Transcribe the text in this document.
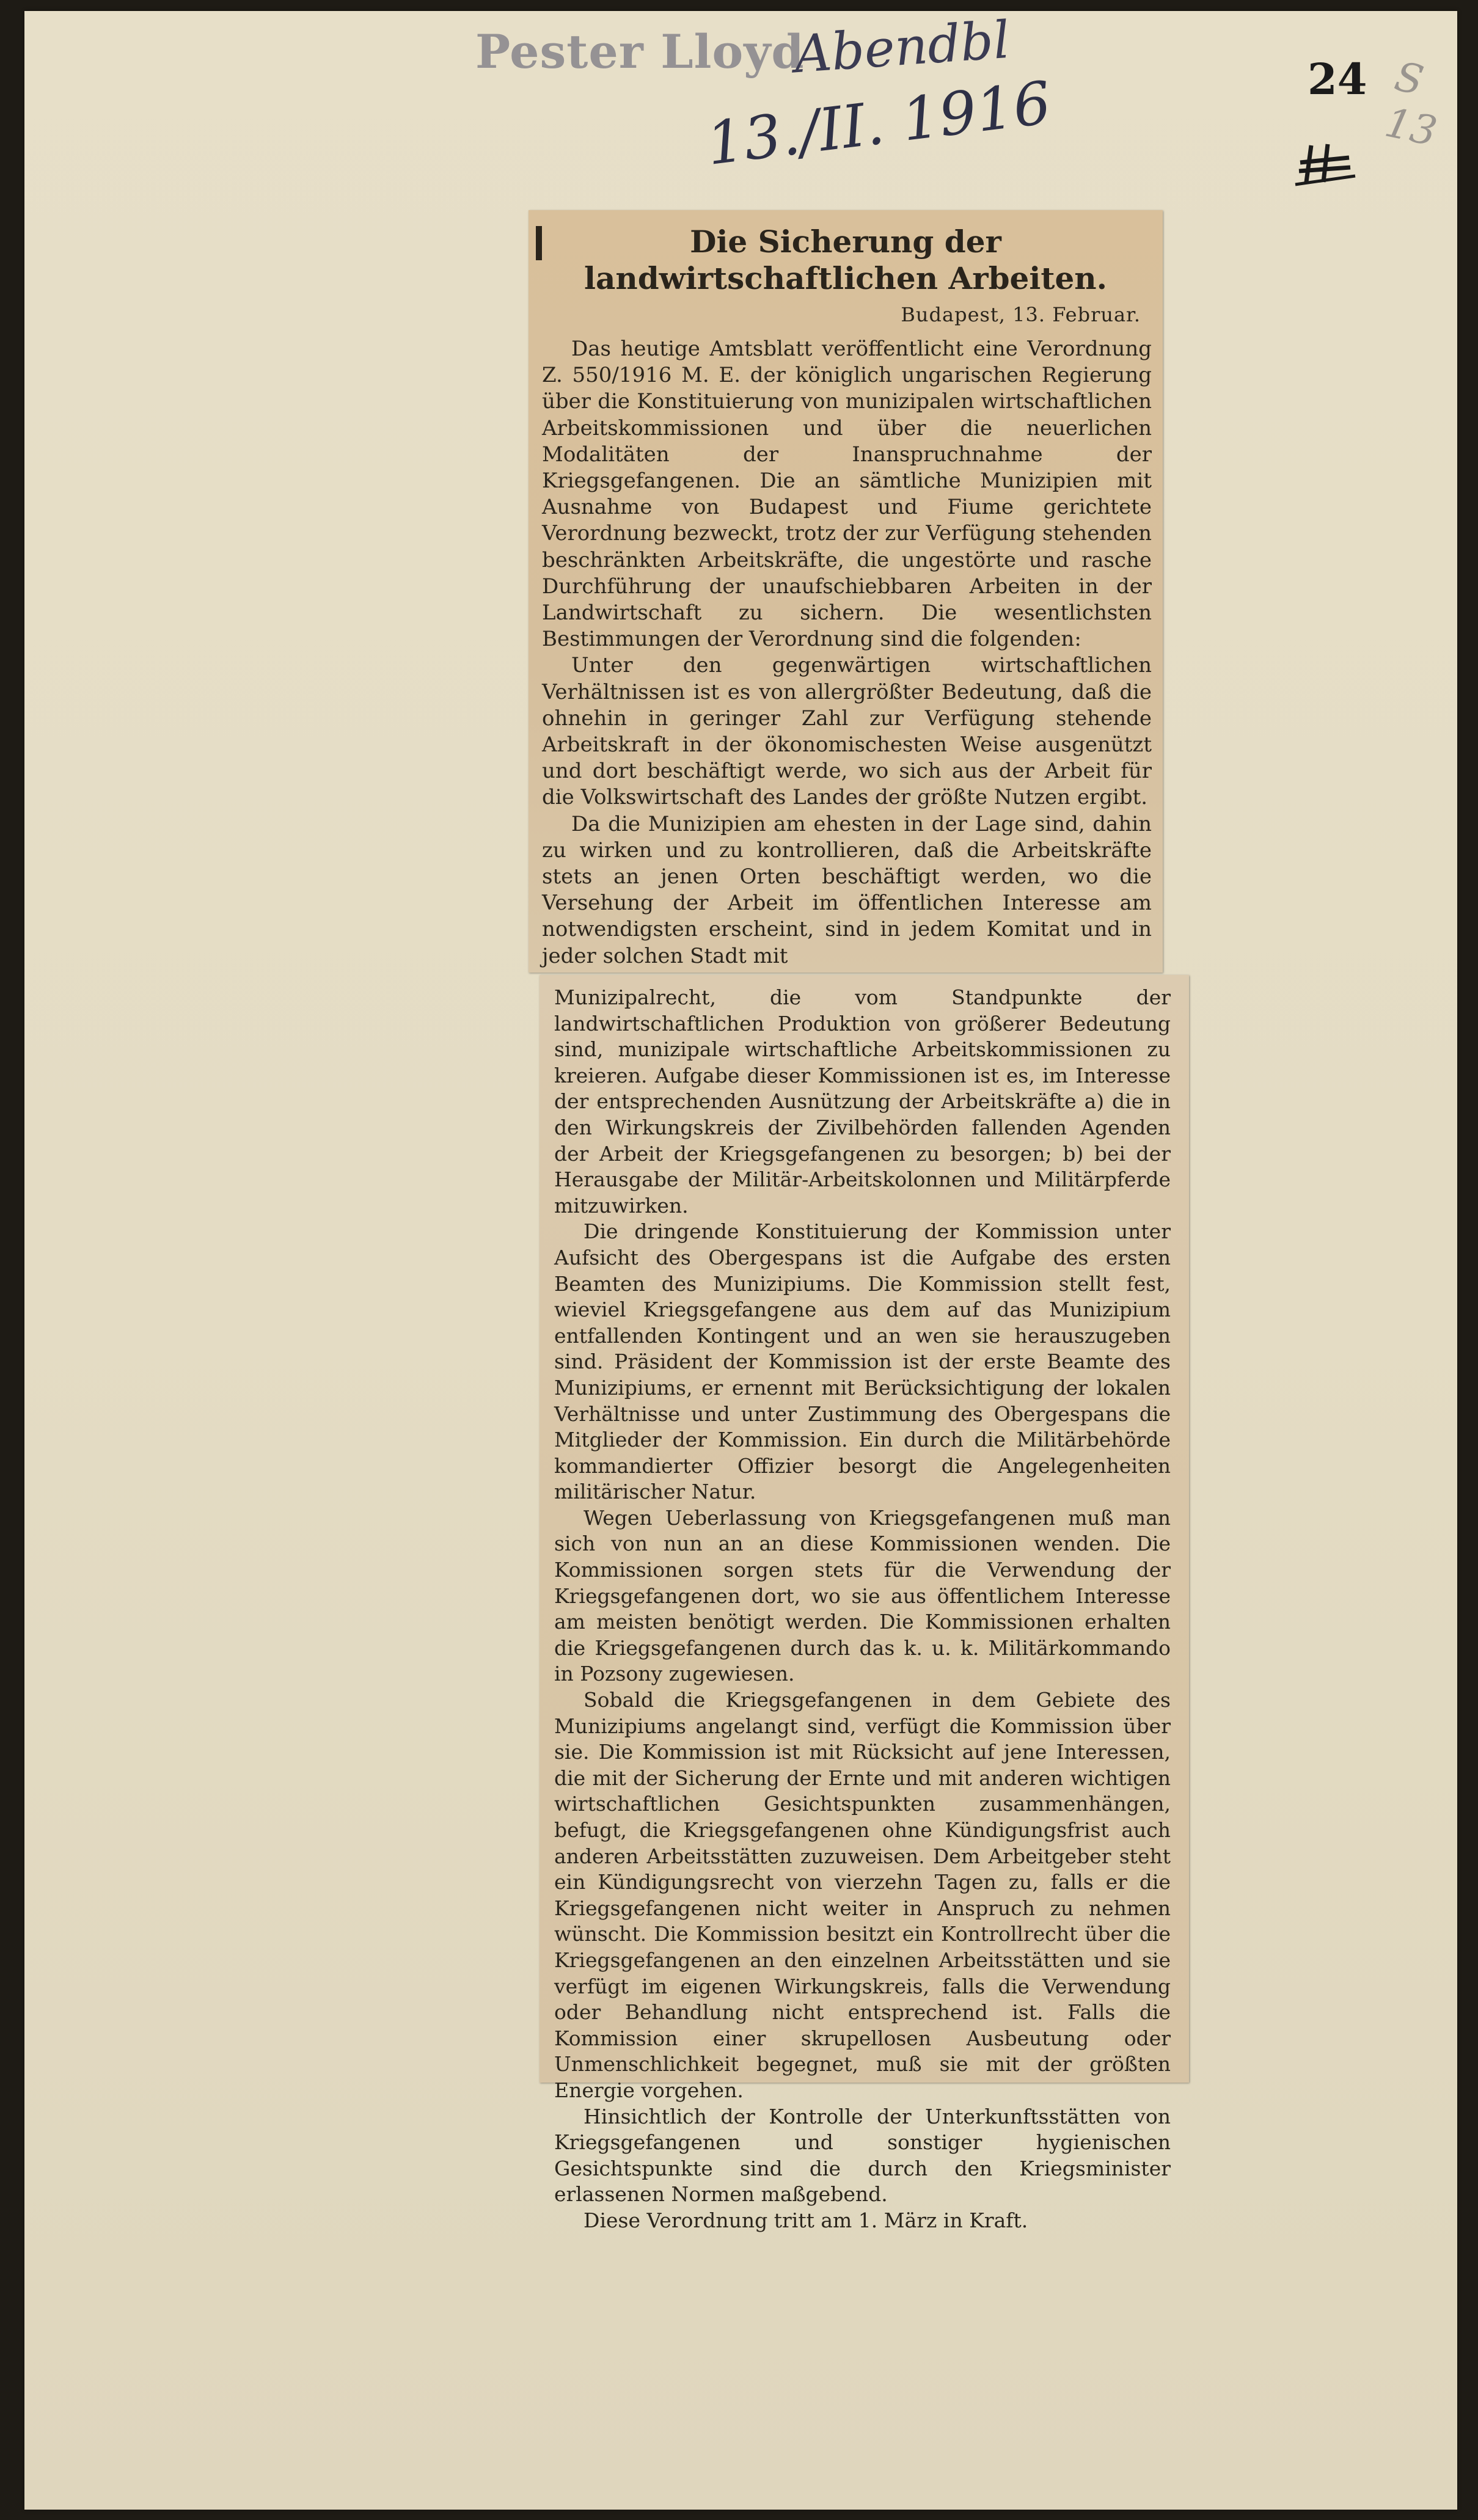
Pester Lloyd
Abendbl
13./II. 1916	24 S 13
Die Sicherung der landwirtschaftlichen Arbeiten.
Budapest, 13. Februar.

Das heutige Amtsblatt veröffentlicht eine Verordnung Z. 550/1916 M. E. der königlich ungarischen Regierung über die Konstituierung von munizipalen wirtschaftlichen Arbeitskommissionen und über die neuerlichen Modalitäten der Inanspruchnahme der Kriegsgefangenen. Die an sämtliche Munizipien mit Ausnahme von Budapest und Fiume gerichtete Verordnung bezweckt, trotz der zur Verfügung stehenden beschränkten Arbeitskräfte, die ungestörte und rasche Durchführung der unaufschiebbaren Arbeiten in der Landwirtschaft zu sichern. Die wesentlichsten Bestimmungen der Verordnung sind die folgenden:

Unter den gegenwärtigen wirtschaftlichen Verhältnissen ist es von allergrößter Bedeutung, daß die ohnehin in geringer Zahl zur Verfügung stehende Arbeitskraft in der ökonomischesten Weise ausgenützt und dort beschäftigt werde, wo sich aus der Arbeit für die Volkswirtschaft des Landes der größte Nutzen ergibt.

Da die Munizipien am ehesten in der Lage sind, dahin zu wirken und zu kontrollieren, daß die Arbeitskräfte stets an jenen Orten beschäftigt werden, wo die Versehung der Arbeit im öffentlichen Interesse am notwendigsten erscheint, sind in jedem Komitat und in jeder solchen Stadt mit

Munizipalrecht, die vom Standpunkte der landwirtschaftlichen Produktion von größerer Bedeutung sind, munizipale wirtschaftliche Arbeitskommissionen zu kreieren. Aufgabe dieser Kommissionen ist es, im Interesse der entsprechenden Ausnützung der Arbeitskräfte a) die in den Wirkungskreis der Zivilbehörden fallenden Agenden der Arbeit der Kriegsgefangenen zu besorgen; b) bei der Herausgabe der Militär-Arbeitskolonnen und Militärpferde mitzuwirken.

Die dringende Konstituierung der Kommission unter Aufsicht des Obergespans ist die Aufgabe des ersten Beamten des Munizipiums. Die Kommission stellt fest, wieviel Kriegsgefangene aus dem auf das Munizipium entfallenden Kontingent und an wen sie herauszugeben sind. Präsident der Kommission ist der erste Beamte des Munizipiums, er ernennt mit Berücksichtigung der lokalen Verhältnisse und unter Zustimmung des Obergespans die Mitglieder der Kommission. Ein durch die Militärbehörde kommandierter Offizier besorgt die Angelegenheiten militärischer Natur.

Wegen Ueberlassung von Kriegsgefangenen muß man sich von nun an an diese Kommissionen wenden. Die Kommissionen sorgen stets für die Verwendung der Kriegsgefangenen dort, wo sie aus öffentlichem Interesse am meisten benötigt werden. Die Kommissionen erhalten die Kriegsgefangenen durch das k. u. k. Militärkommando in Pozsony zugewiesen.

Sobald die Kriegsgefangenen in dem Gebiete des Munizipiums angelangt sind, verfügt die Kommission über sie. Die Kommission ist mit Rücksicht auf jene Interessen, die mit der Sicherung der Ernte und mit anderen wichtigen wirtschaftlichen Gesichtspunkten zusammenhängen, befugt, die Kriegsgefangenen ohne Kündigungsfrist auch anderen Arbeitsstätten zuzuweisen. Dem Arbeitgeber steht ein Kündigungsrecht von vierzehn Tagen zu, falls er die Kriegsgefangenen nicht weiter in Anspruch zu nehmen wünscht. Die Kommission besitzt ein Kontrollrecht über die Kriegsgefangenen an den einzelnen Arbeitsstätten und sie verfügt im eigenen Wirkungskreis, falls die Verwendung oder Behandlung nicht entsprechend ist. Falls die Kommission einer skrupellosen Ausbeutung oder Unmenschlichkeit begegnet, muß sie mit der größten Energie vorgehen.

Hinsichtlich der Kontrolle der Unterkunftsstätten von Kriegsgefangenen und sonstiger hygienischen Gesichtspunkte sind die durch den Kriegsminister erlassenen Normen maßgebend.

Diese Verordnung tritt am 1. März in Kraft.
